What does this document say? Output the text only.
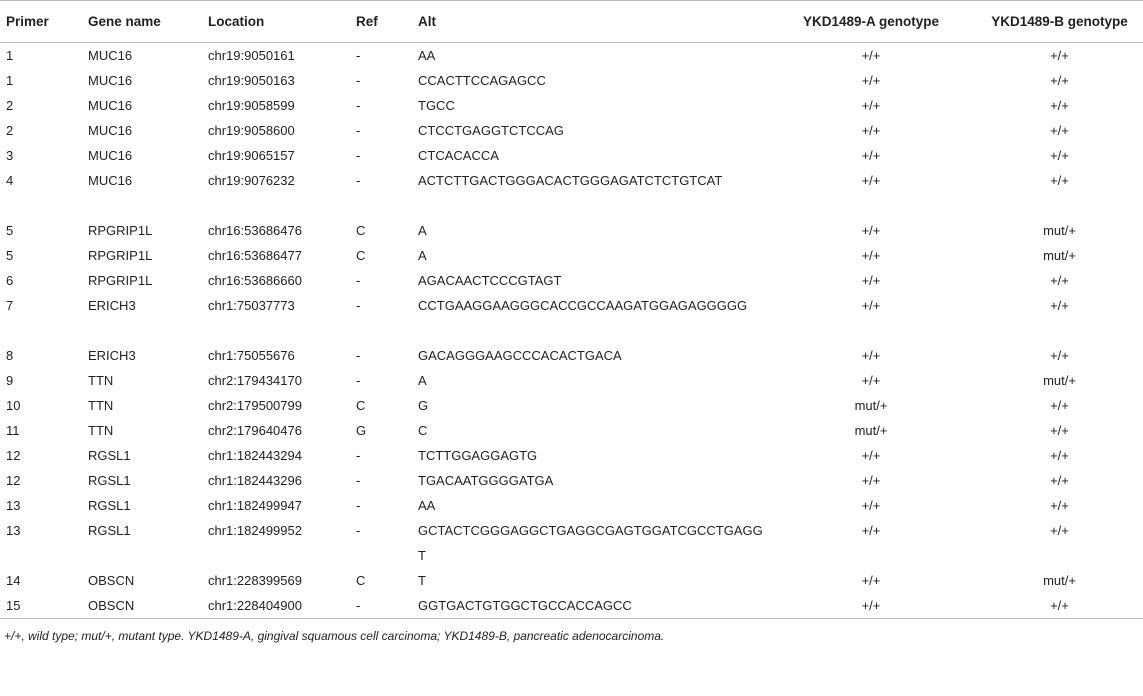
Primer	Gene name	Location	Ref	Alt	YKD1489-A genotype	YKD1489-B genotype
1	MUC16	chr19:9050161	-	AA	+/+	+/+
1	MUC16	chr19:9050163	-	CCACTTCCAGAGCC	+/+	+/+
2	MUC16	chr19:9058599	-	TGCC	+/+	+/+
2	MUC16	chr19:9058600	-	CTCCTGAGGTCTCCAG	+/+	+/+
3	MUC16	chr19:9065157	-	CTCACACCA	+/+	+/+
4	MUC16	chr19:9076232	-	ACTCTTGACTGGGACACTGGGAGATCTCTGTCAT	+/+	+/+
5	RPGRIP1L	chr16:53686476	C	A	+/+	mut/+
5	RPGRIP1L	chr16:53686477	C	A	+/+	mut/+
6	RPGRIP1L	chr16:53686660	-	AGACAACTCCCGTAGT	+/+	+/+
7	ERICH3	chr1:75037773	-	CCTGAAGGAAGGGCACCGCCAAGATGGAGAGGGGG	+/+	+/+
8	ERICH3	chr1:75055676	-	GACAGGGAAGCCCACACTGACA	+/+	+/+
9	TTN	chr2:179434170	-	A	+/+	mut/+
10	TTN	chr2:179500799	C	G	mut/+	+/+
11	TTN	chr2:179640476	G	C	mut/+	+/+
12	RGSL1	chr1:182443294	-	TCTTGGAGGAGTG	+/+	+/+
12	RGSL1	chr1:182443296	-	TGACAATGGGGATGA	+/+	+/+
13	RGSL1	chr1:182499947	-	AA	+/+	+/+
13	RGSL1	chr1:182499952	-	GCTACTCGGGAGGCTGAGGCGAGTGGATCGCCTGAGGT	+/+	+/+
14	OBSCN	chr1:228399569	C	T	+/+	mut/+
15	OBSCN	chr1:228404900	-	GGTGACTGTGGCTGCCACCAGCC	+/+	+/+
+/+, wild type; mut/+, mutant type. YKD1489-A, gingival squamous cell carcinoma; YKD1489-B, pancreatic adenocarcinoma.
